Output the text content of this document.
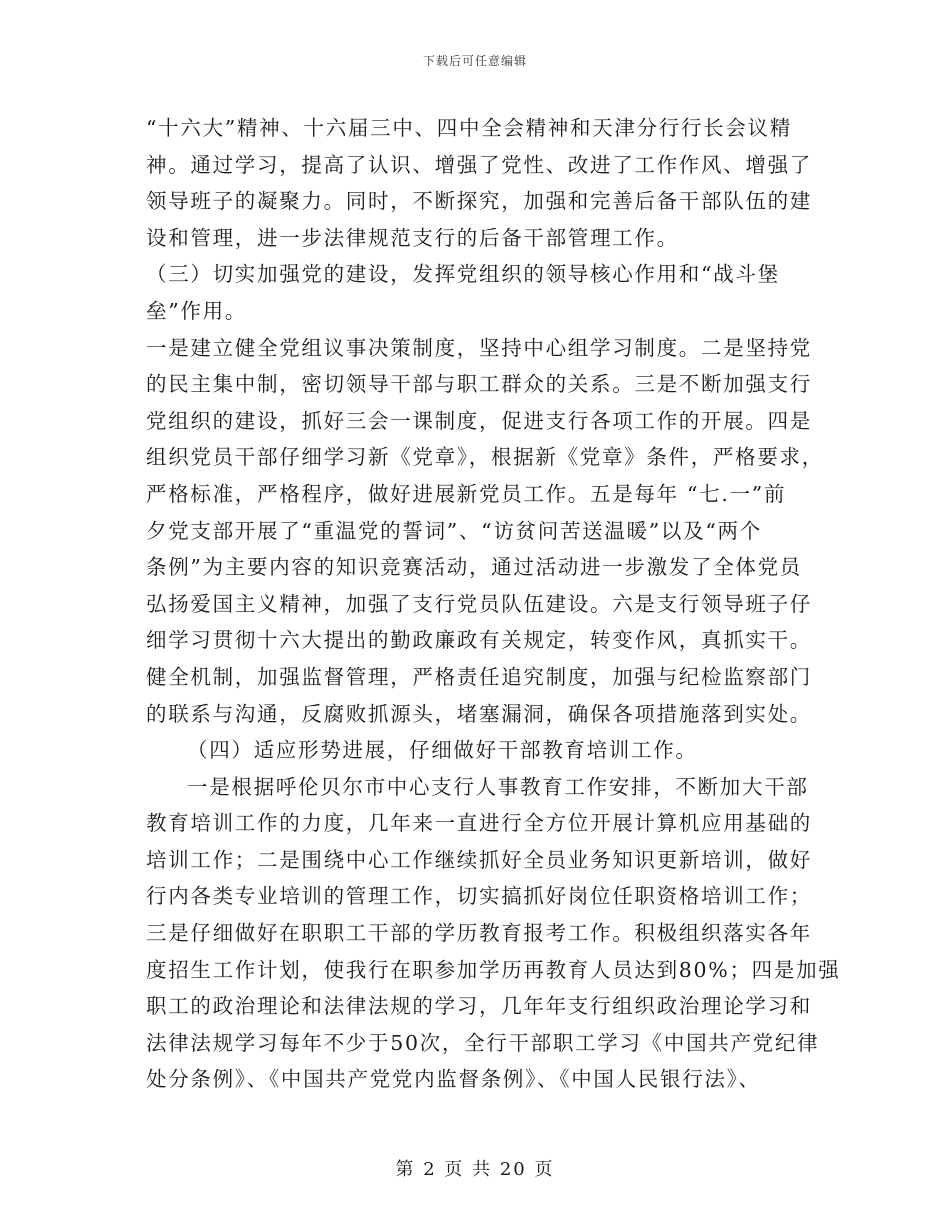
下载后可任意编辑
“十六大”精神、十六届三中、四中全会精神和天津分行行长会议精
神。通过学习，提高了认识、增强了党性、改进了工作作风、增强了
领导班子的凝聚力。同时，不断探究，加强和完善后备干部队伍的建
设和管理，进一步法律规范支行的后备干部管理工作。
（三）切实加强党的建设，发挥党组织的领导核心作用和“战斗堡
垒”作用。
一是建立健全党组议事决策制度，坚持中心组学习制度。二是坚持党
的民主集中制，密切领导干部与职工群众的关系。三是不断加强支行
党组织的建设，抓好三会一课制度，促进支行各项工作的开展。四是
组织党员干部仔细学习新《党章》，根据新《党章》条件，严格要求，
严格标准，严格程序，做好进展新党员工作。五是每年 “七.一”前
夕党支部开展了“重温党的誓词”、“访贫问苦送温暖”以及“两个
条例”为主要内容的知识竞赛活动，通过活动进一步激发了全体党员
弘扬爱国主义精神，加强了支行党员队伍建设。六是支行领导班子仔
细学习贯彻十六大提出的勤政廉政有关规定，转变作风，真抓实干。
健全机制，加强监督管理，严格责任追究制度，加强与纪检监察部门
的联系与沟通，反腐败抓源头，堵塞漏洞，确保各项措施落到实处。
（四）适应形势进展，仔细做好干部教育培训工作。
一是根据呼伦贝尔市中心支行人事教育工作安排，不断加大干部
教育培训工作的力度，几年来一直进行全方位开展计算机应用基础的
培训工作；二是围绕中心工作继续抓好全员业务知识更新培训，做好
行内各类专业培训的管理工作，切实搞抓好岗位任职资格培训工作；
三是仔细做好在职职工干部的学历教育报考工作。积极组织落实各年
度招生工作计划，使我行在职参加学历再教育人员达到80%；四是加强
职工的政治理论和法律法规的学习，几年年支行组织政治理论学习和
法律法规学习每年不少于50次，全行干部职工学习《中国共产党纪律
处分条例》、《中国共产党党内监督条例》、《中国人民银行法》、
第 2 页 共 20 页
